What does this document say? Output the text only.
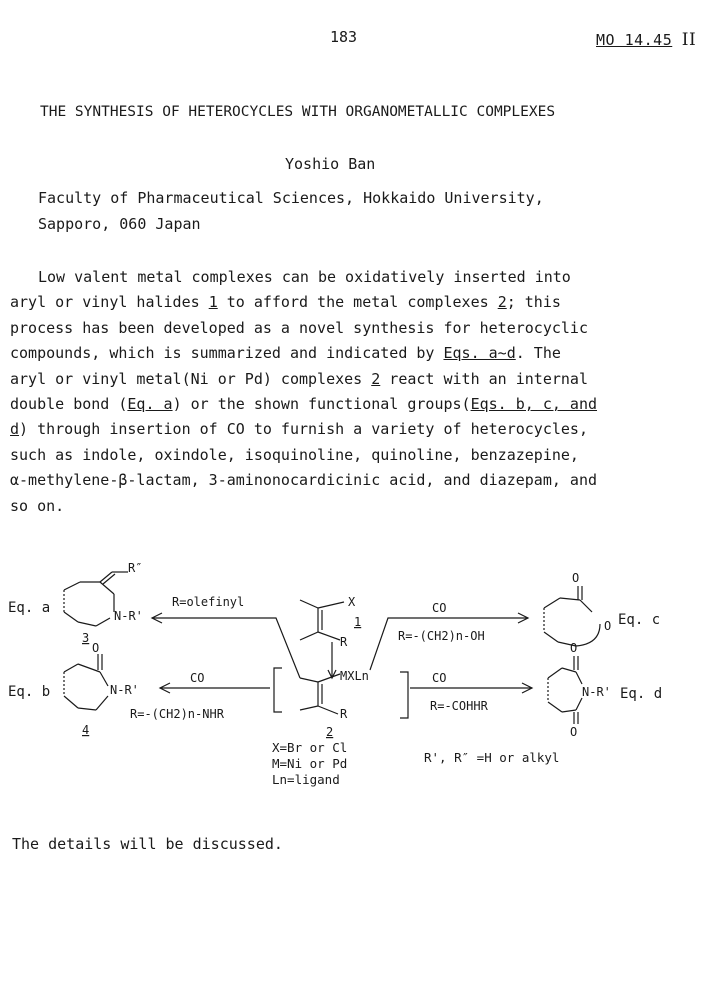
183	MO 14.45 II
THE SYNTHESIS OF HETEROCYCLES WITH ORGANOMETALLIC COMPLEXES
Yoshio Ban
Faculty of Pharmaceutical Sciences, Hokkaido University,
Sapporo, 060 Japan

Low valent metal complexes can be oxidatively inserted into

aryl or vinyl halides 1 to afford the metal complexes 2; this

process has been developed as a novel synthesis for heterocyclic

compounds, which is summarized and indicated by Eqs. a~d. The

aryl or vinyl metal(Ni or Pd) complexes 2 react with an internal

double bond (Eq. a) or the shown functional groups(Eqs. b, c, and

d) through insertion of CO to furnish a variety of heterocycles,

such as indole, oxindole, isoquinoline, quinoline, benzazepine,

α-methylene-β-lactam, 3-aminonocardicinic acid, and diazepam, and

so on.

Eq. a
Eq. b
Eq. c
Eq. d
R″
N-R'
3
R=olefinyl
O
N-R'
4
CO
R=-(CH2)n-NHR
X
R
1
MXLn
R
2
CO
R=-(CH2)n-OH
O
O
CO
R=-COHHR
O
N-R'
O
X=Br or Cl
M=Ni or Pd
Ln=ligand
R', R″ =H or alkyl
The details will be discussed.
